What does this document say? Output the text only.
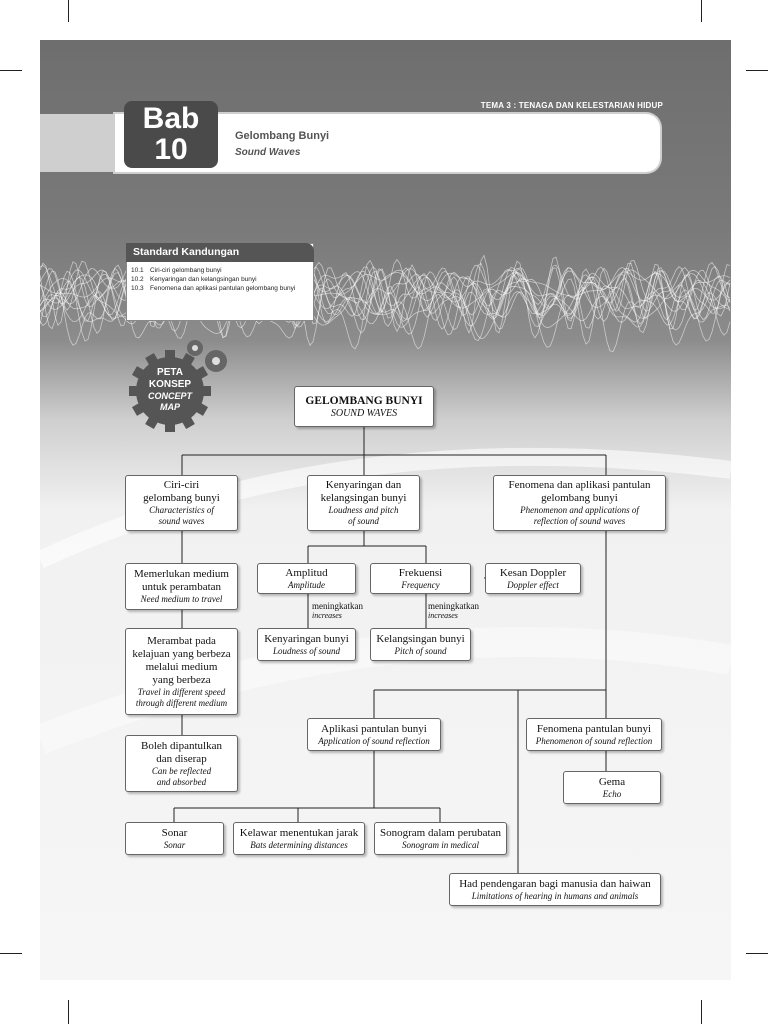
TEMA 3 : TENAGA DAN KELESTARIAN HIDUP
Bab
10	Gelombang Bunyi
Sound Waves
Standard Kandungan
10.1 Ciri-ciri gelombang bunyi
10.2 Kenyaringan dan kelangsingan bunyi
10.3 Fenomena dan aplikasi pantulan gelombang bunyi
PETA
KONSEP
CONCEPT
MAP
GELOMBANG BUNYI
SOUND WAVES
Ciri-ciri
gelombang bunyi
Characteristics of
sound waves
Kenyaringan dan
kelangsingan bunyi
Loudness and pitch
of sound
Fenomena dan aplikasi pantulan
gelombang bunyi
Phenomenon and applications of
reflection of sound waves
Memerlukan medium
untuk perambatan
Need medium to travel
Merambat pada
kelajuan yang berbeza
melalui medium
yang berbeza
Travel in different speed
through different medium
Boleh dipantulkan
dan diserap
Can be reflected
and absorbed
Amplitud
Amplitude
Frekuensi
Frequency
Kesan Doppler
Doppler effect
meningkatkan
increases
meningkatkan
increases
Kenyaringan bunyi
Loudness of sound
Kelangsingan bunyi
Pitch of sound
Aplikasi pantulan bunyi
Application of sound reflection
Fenomena pantulan bunyi
Phenomenon of sound reflection
Gema
Echo
Sonar
Sonar
Kelawar menentukan jarak
Bats determining distances
Sonogram dalam perubatan
Sonogram in medical
Had pendengaran bagi manusia dan haiwan
Limitations of hearing in humans and animals
